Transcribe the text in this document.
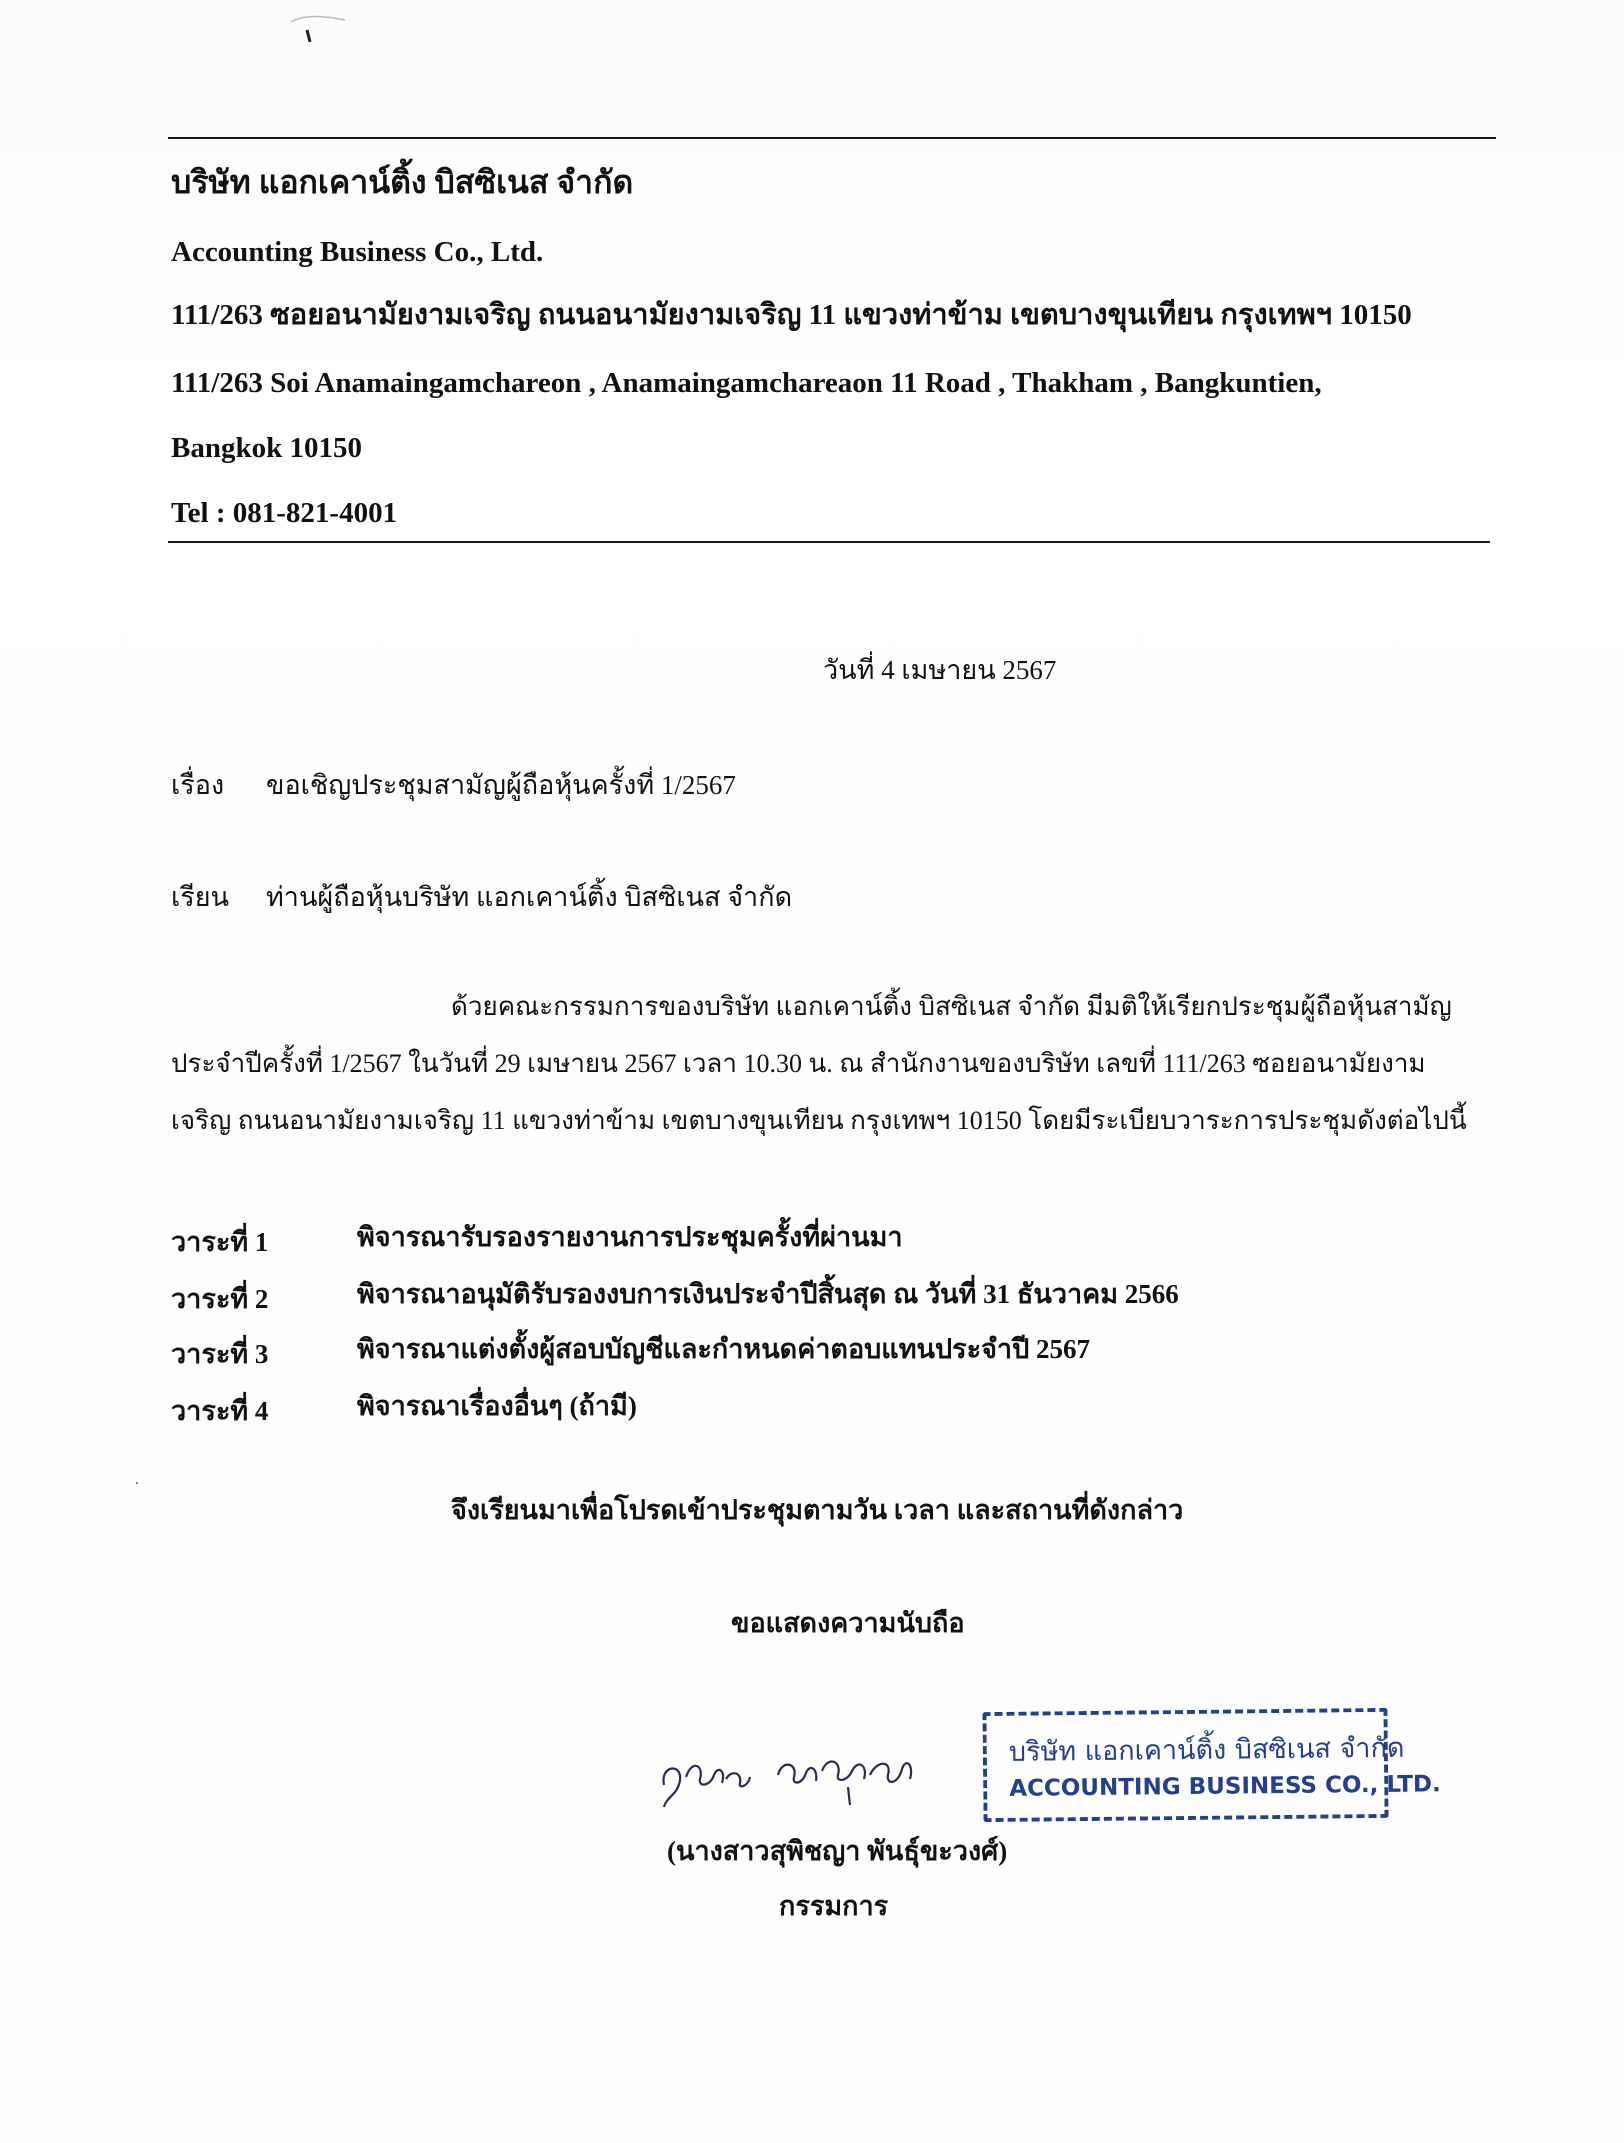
บริษัท แอกเคาน์ติ้ง บิสซิเนส จำกัด
Accounting Business Co., Ltd.
111/263 ซอยอนามัยงามเจริญ ถนนอนามัยงามเจริญ 11 แขวงท่าข้าม เขตบางขุนเทียน กรุงเทพฯ 10150
111/263 Soi Anamaingamchareon , Anamaingamchareaon 11 Road , Thakham , Bangkuntien,
Bangkok 10150
Tel : 081-821-4001
วันที่ 4 เมษายน 2567
เรื่อง ขอเชิญประชุมสามัญผู้ถือหุ้นครั้งที่ 1/2567
เรียน ท่านผู้ถือหุ้นบริษัท แอกเคาน์ติ้ง บิสซิเนส จำกัด
ด้วยคณะกรรมการของบริษัท แอกเคาน์ติ้ง บิสซิเนส จำกัด มีมติให้เรียกประชุมผู้ถือหุ้นสามัญ
ประจำปีครั้งที่ 1/2567 ในวันที่ 29 เมษายน 2567 เวลา 10.30 น. ณ สำนักงานของบริษัท เลขที่ 111/263 ซอยอนามัยงาม
เจริญ ถนนอนามัยงามเจริญ 11 แขวงท่าข้าม เขตบางขุนเทียน กรุงเทพฯ 10150 โดยมีระเบียบวาระการประชุมดังต่อไปนี้
วาระที่ 1	พิจารณารับรองรายงานการประชุมครั้งที่ผ่านมา
วาระที่ 2	พิจารณาอนุมัติรับรองงบการเงินประจำปีสิ้นสุด ณ วันที่ 31 ธันวาคม 2566
วาระที่ 3	พิจารณาแต่งตั้งผู้สอบบัญชีและกำหนดค่าตอบแทนประจำปี 2567
วาระที่ 4	พิจารณาเรื่องอื่นๆ (ถ้ามี)
จึงเรียนมาเพื่อโปรดเข้าประชุมตามวัน เวลา และสถานที่ดังกล่าว
ขอแสดงความนับถือ
บริษัท แอกเคาน์ติ้ง บิสซิเนส จำกัด
ACCOUNTING BUSINESS CO., LTD.
(นางสาวสุพิชญา พันธุ์ขะวงศ์)
กรรมการ
